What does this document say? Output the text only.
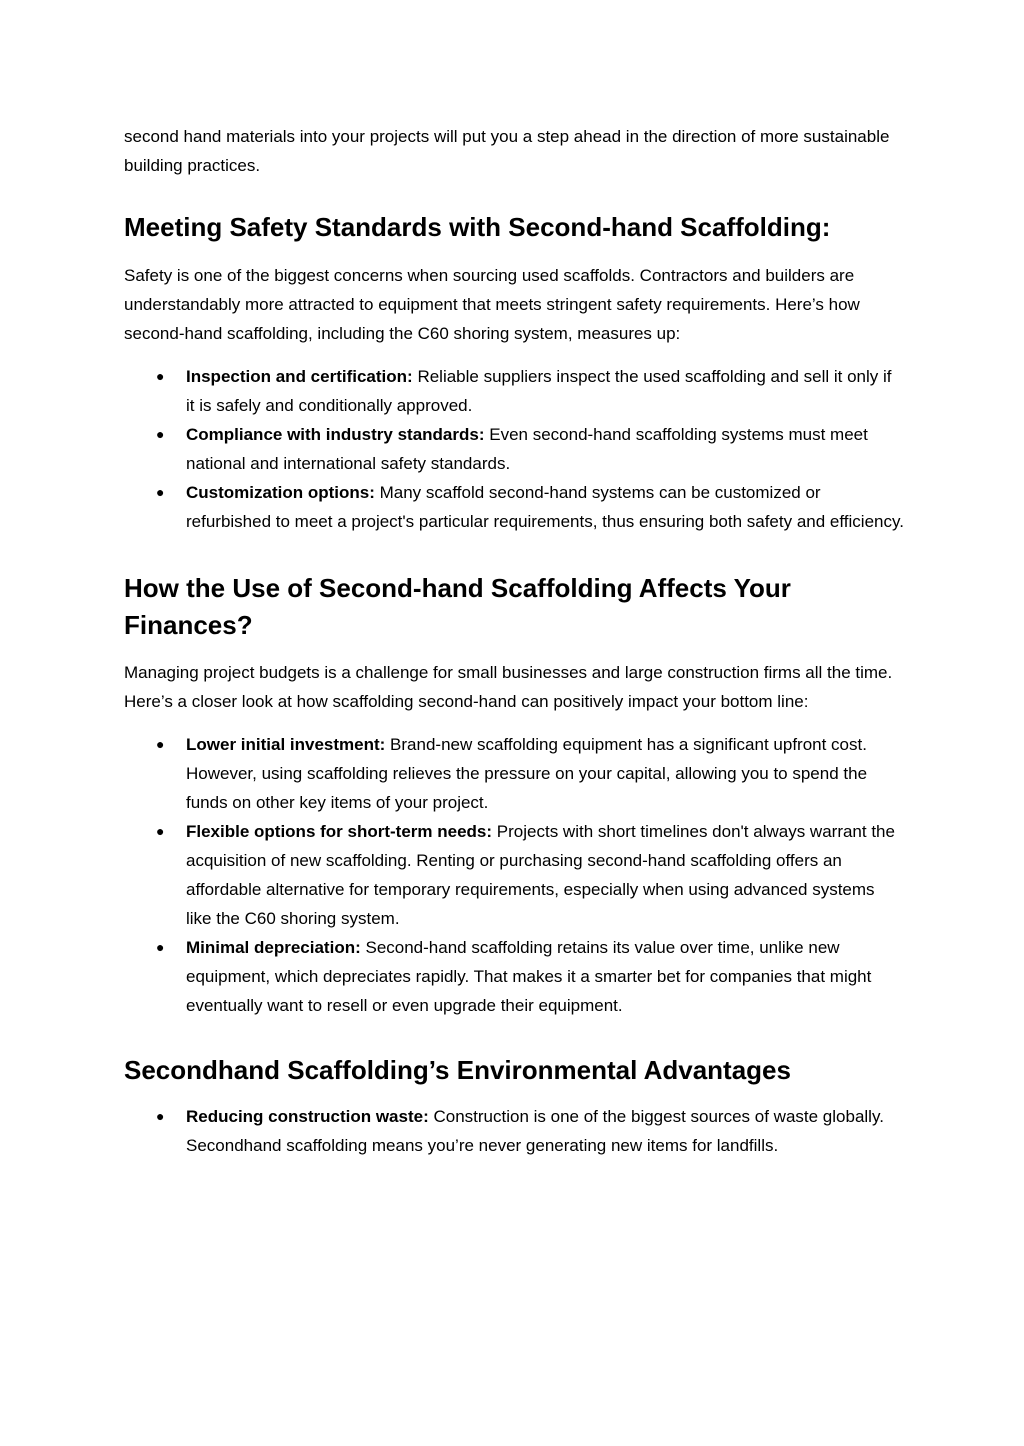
second hand materials into your projects will put you a step ahead in the direction of more sustainable building practices.

Meeting Safety Standards with Second-hand Scaffolding:

Safety is one of the biggest concerns when sourcing used scaffolds. Contractors and builders are understandably more attracted to equipment that meets stringent safety requirements. Here’s how second-hand scaffolding, including the C60 shoring system, measures up:

● Inspection and certification: Reliable suppliers inspect the used scaffolding and sell it only if it is safely and conditionally approved.
● Compliance with industry standards: Even second-hand scaffolding systems must meet national and international safety standards.
● Customization options: Many scaffold second-hand systems can be customized or refurbished to meet a project's particular requirements, thus ensuring both safety and efficiency.
How the Use of Second-hand Scaffolding Affects Your Finances?

Managing project budgets is a challenge for small businesses and large construction firms all the time. Here’s a closer look at how scaffolding second-hand can positively impact your bottom line:

● Lower initial investment: Brand-new scaffolding equipment has a significant upfront cost. However, using scaffolding relieves the pressure on your capital, allowing you to spend the funds on other key items of your project.
● Flexible options for short-term needs: Projects with short timelines don't always warrant the acquisition of new scaffolding. Renting or purchasing second-hand scaffolding offers an affordable alternative for temporary requirements, especially when using advanced systems like the C60 shoring system.
● Minimal depreciation: Second-hand scaffolding retains its value over time, unlike new equipment, which depreciates rapidly. That makes it a smarter bet for companies that might eventually want to resell or even upgrade their equipment.
Secondhand Scaffolding’s Environmental Advantages
● Reducing construction waste: Construction is one of the biggest sources of waste globally. Secondhand scaffolding means you’re never generating new items for landfills.
